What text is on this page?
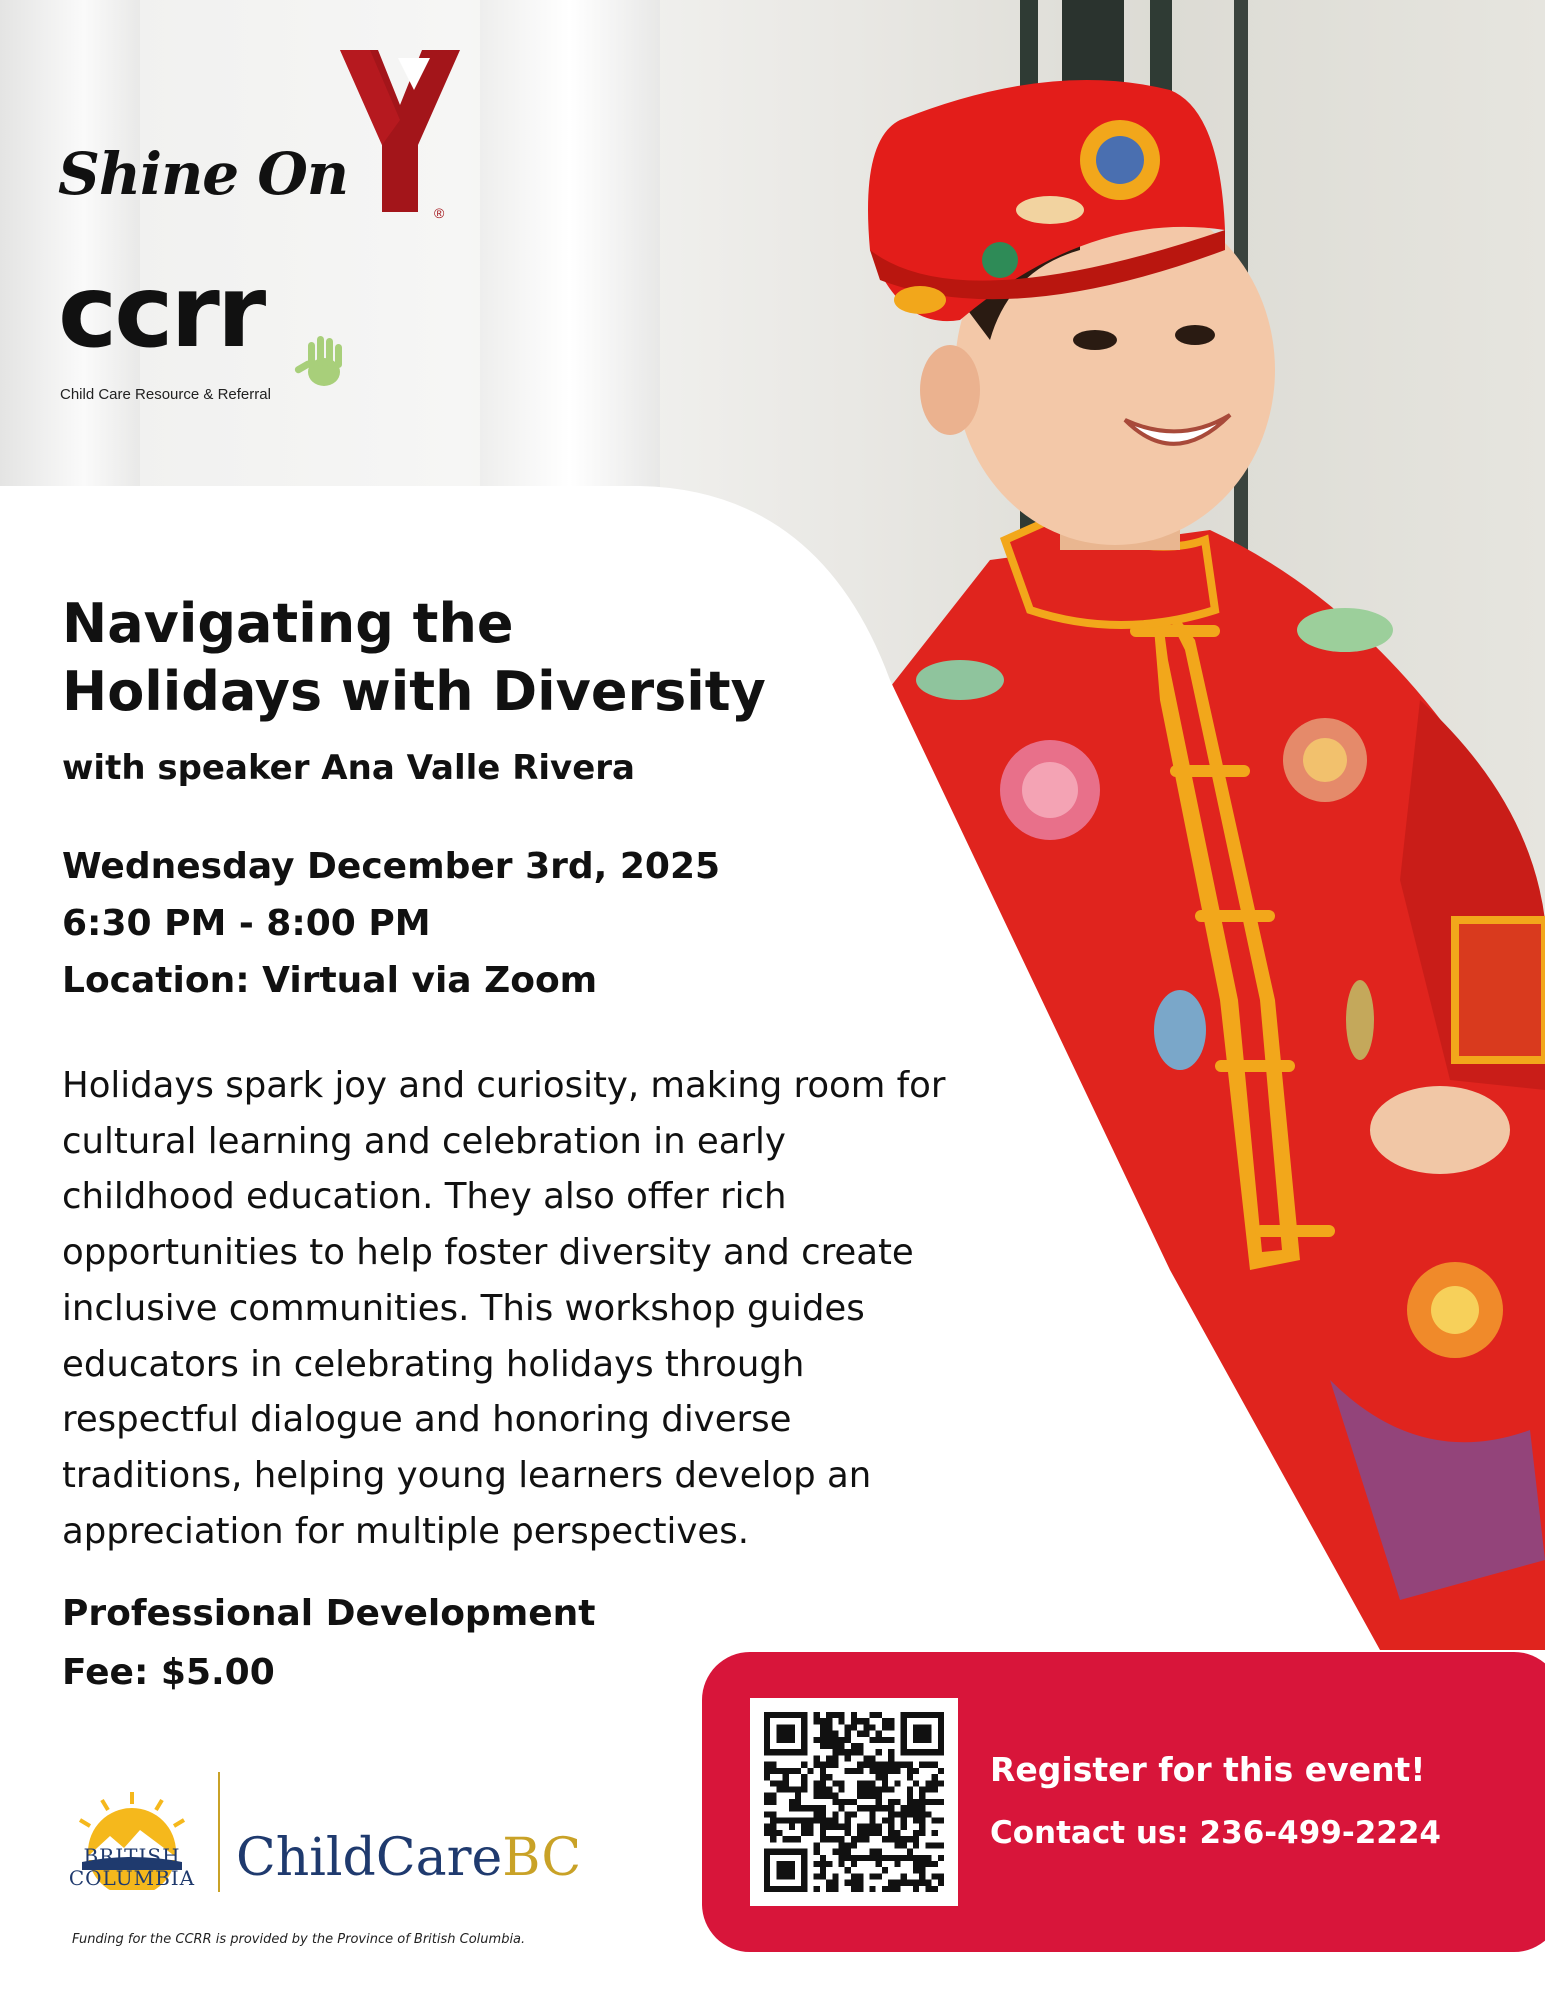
Shine On
®
ccrr
Child Care Resource & Referral
Navigating the
Holidays with Diversity
with speaker Ana Valle Rivera
Wednesday December 3rd, 2025
6:30 PM - 8:00 PM
Location: Virtual via Zoom

Holidays spark joy and curiosity, making room for
cultural learning and celebration in early
childhood education. They also offer rich
opportunities to help foster diversity and create
inclusive communities. This workshop guides
educators in celebrating holidays through
respectful dialogue and honoring diverse
traditions, helping young learners develop an
appreciation for multiple perspectives.

Professional Development
Fee: $5.00
BRITISH
COLUMBIA ChildCareBC
Funding for the CCRR is provided by the Province of British Columbia.
Register for this event!
Contact us: 236-499-2224
